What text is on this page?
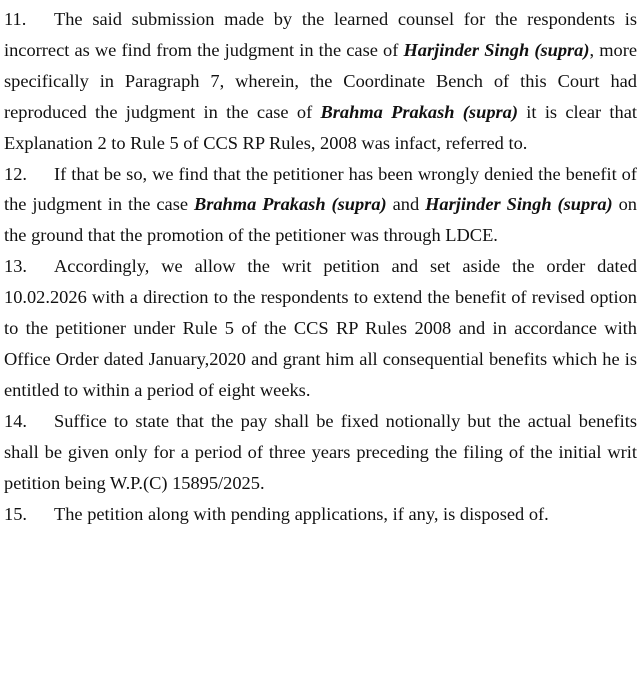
11. The said submission made by the learned counsel for the respondents is incorrect as we find from the judgment in the case of Harjinder Singh (supra), more specifically in Paragraph 7, wherein, the Coordinate Bench of this Court had reproduced the judgment in the case of Brahma Prakash (supra) it is clear that Explanation 2 to Rule 5 of CCS RP Rules, 2008 was infact, referred to.

12. If that be so, we find that the petitioner has been wrongly denied the benefit of the judgment in the case Brahma Prakash (supra) and Harjinder Singh (supra) on the ground that the promotion of the petitioner was through LDCE.

13. Accordingly, we allow the writ petition and set aside the order dated 10.02.2026 with a direction to the respondents to extend the benefit of revised option to the petitioner under Rule 5 of the CCS RP Rules 2008 and in accordance with Office Order dated January,2020 and grant him all consequential benefits which he is entitled to within a period of eight weeks.

14. Suffice to state that the pay shall be fixed notionally but the actual benefits shall be given only for a period of three years preceding the filing of the initial writ petition being W.P.(C) 15895/2025.

15. The petition along with pending applications, if any, is disposed of.
